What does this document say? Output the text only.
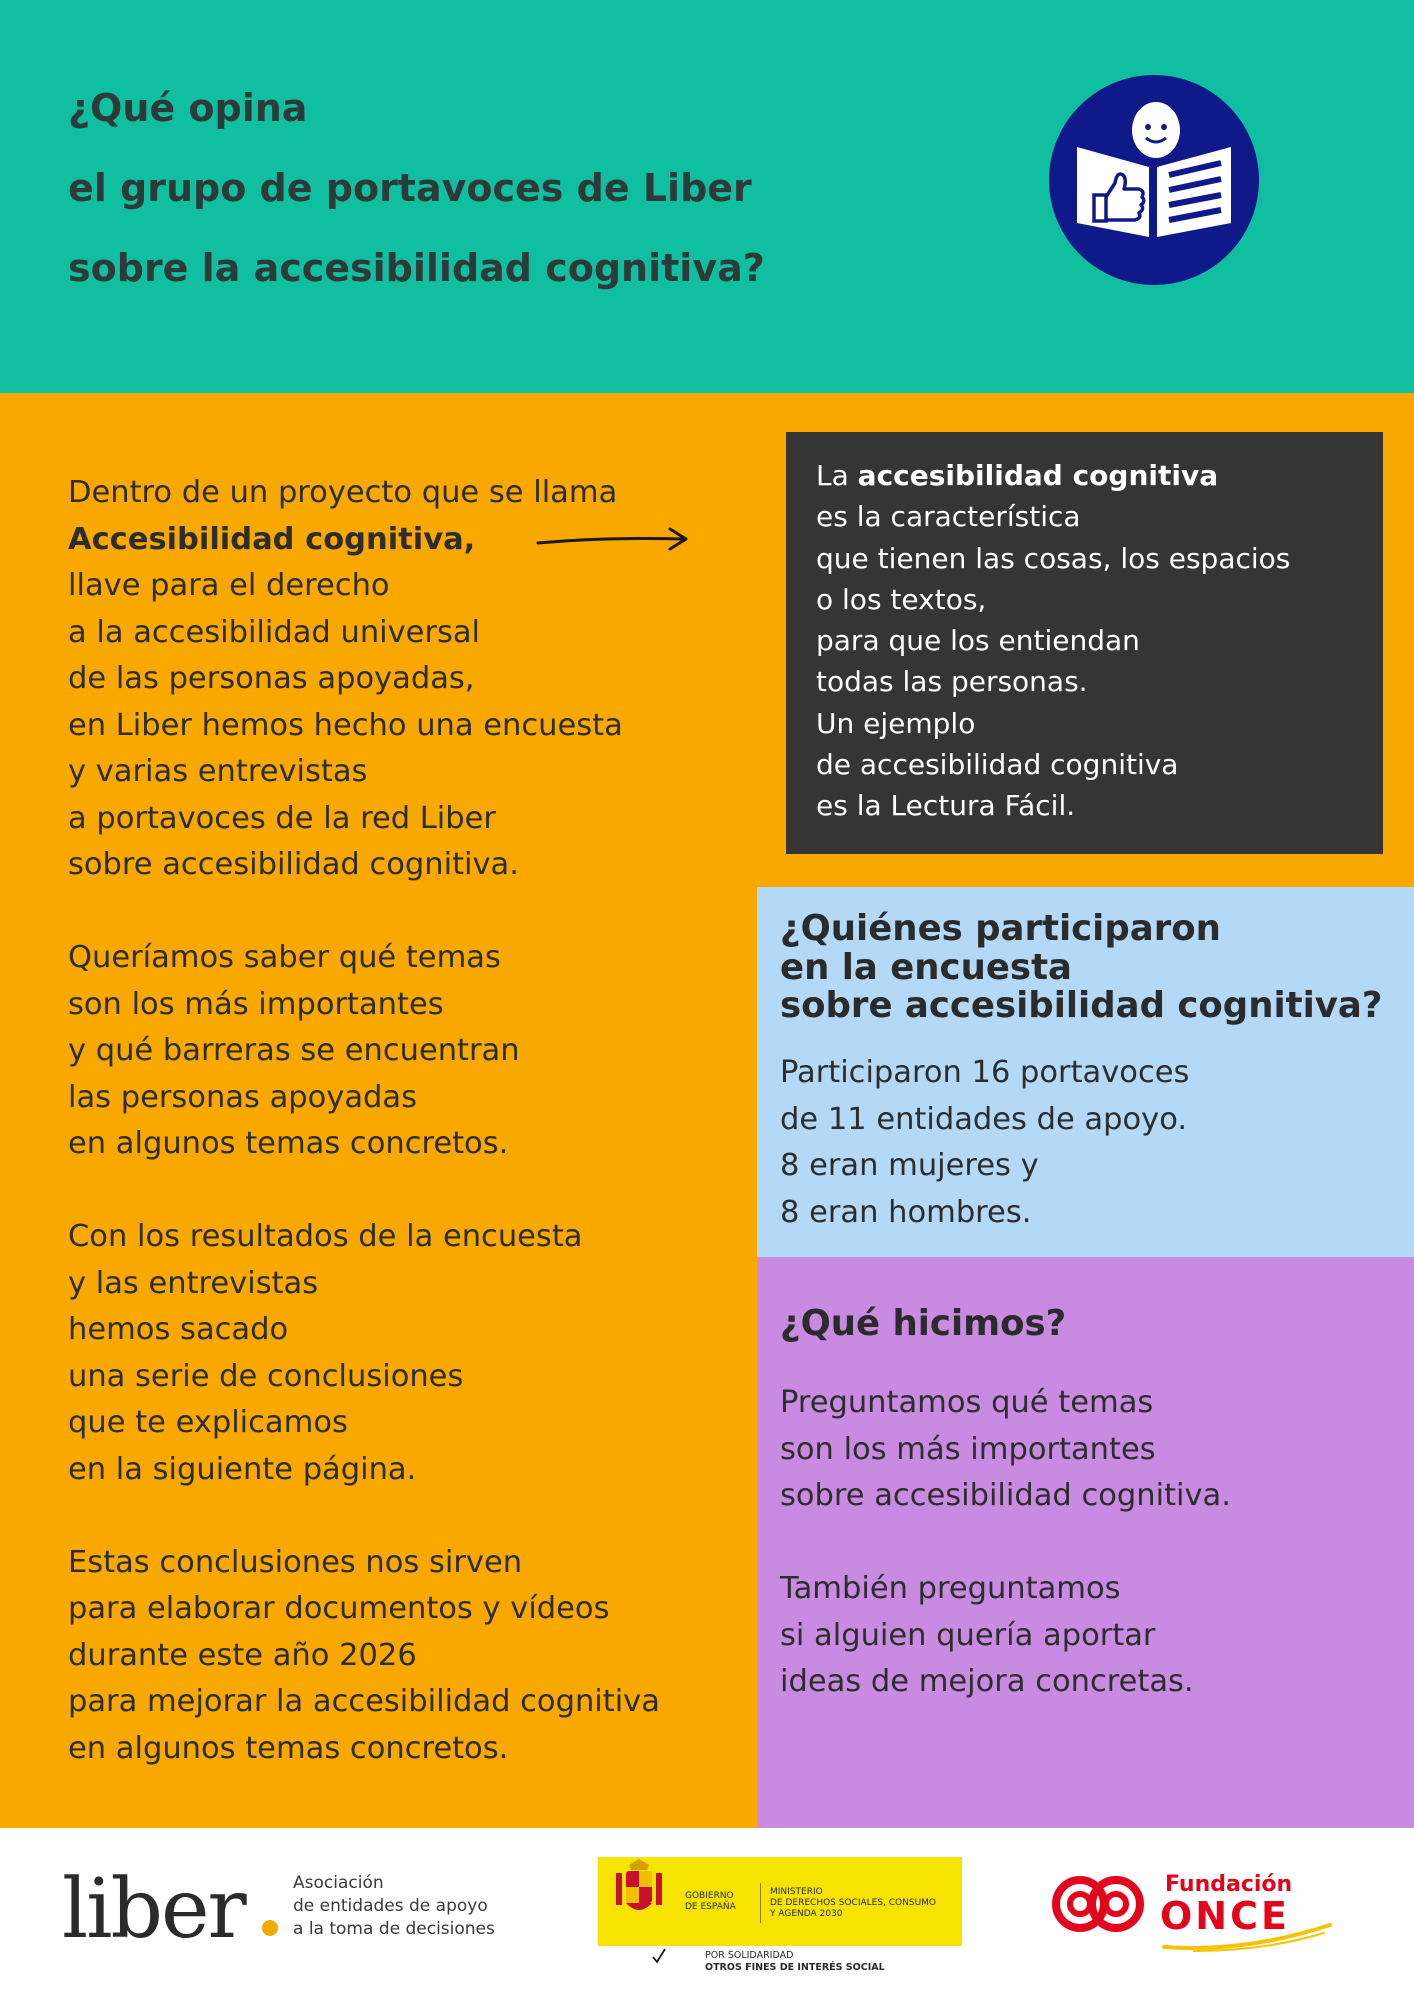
¿Qué opina
el grupo de portavoces de Liber
sobre la accesibilidad cognitiva?

Dentro de un proyecto que se llama
Accesibilidad cognitiva,
llave para el derecho
a la accesibilidad universal
de las personas apoyadas,
en Liber hemos hecho una encuesta
y varias entrevistas
a portavoces de la red Liber
sobre accesibilidad cognitiva.

Queríamos saber qué temas
son los más importantes
y qué barreras se encuentran
las personas apoyadas
en algunos temas concretos.

Con los resultados de la encuesta
y las entrevistas
hemos sacado
una serie de conclusiones
que te explicamos
en la siguiente página.

Estas conclusiones nos sirven
para elaborar documentos y vídeos
durante este año 2026
para mejorar la accesibilidad cognitiva
en algunos temas concretos.

La accesibilidad cognitiva
es la característica
que tienen las cosas, los espacios
o los textos,
para que los entiendan
todas las personas.
Un ejemplo
de accesibilidad cognitiva
es la Lectura Fácil.
¿Quiénes participaron
en la encuesta
sobre accesibilidad cognitiva?
Participaron 16 portavoces
de 11 entidades de apoyo.
8 eran mujeres y
8 eran hombres.
¿Qué hicimos?

Preguntamos qué temas
son los más importantes
sobre accesibilidad cognitiva.

También preguntamos
si alguien quería aportar
ideas de mejora concretas.

liber	Asociación
de entidades de apoyo
a la toma de decisiones
GOBIERNO
DE ESPAÑA
MINISTERIO
DE DERECHOS SOCIALES, CONSUMO
Y AGENDA 2030
POR SOLIDARIDAD
OTROS FINES DE INTERÉS SOCIAL
Fundación
ONCE
